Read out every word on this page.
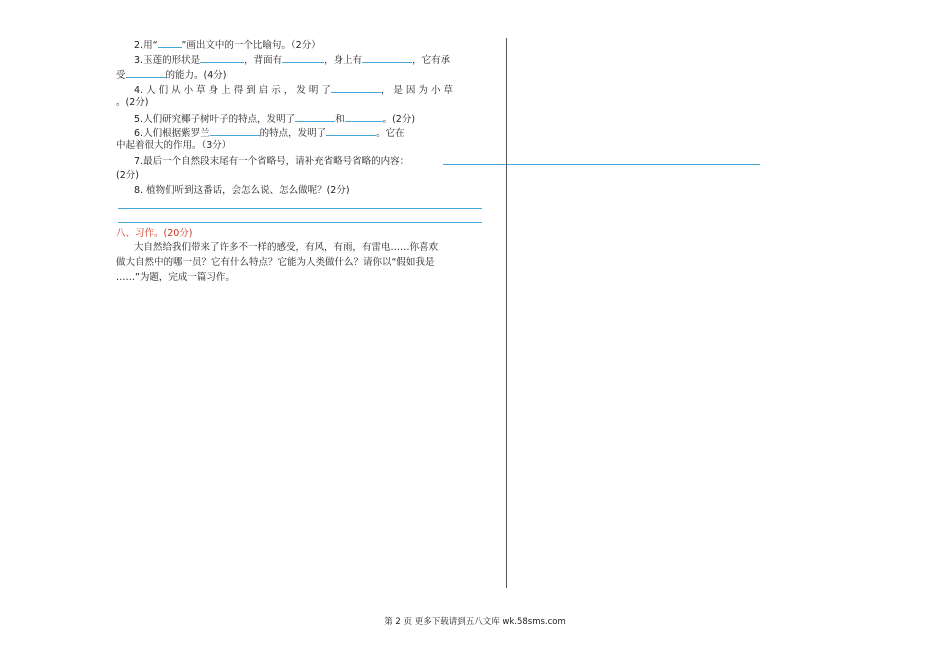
2.用“	”画出文中的一个比喻句。（2分）
3.玉莲的形状是	，背面有	，身上有	，它有承
受	的能力。(4分)
4. 人 们 从 小 草 身 上 得 到 启 示 ， 发 明 了	， 是 因 为 小 草
。(2分)
5.人们研究椰子树叶子的特点，发明了	和	。(2分)
6.人们根据紫罗兰	的特点，发明了	。它在
中起着很大的作用。（3分）
7.最后一个自然段末尾有一个省略号，请补充省略号省略的内容：
(2分)
8. 植物们听到这番话，会怎么说、怎么做呢？(2分)
八、习作。(20分)
大自然给我们带来了许多不一样的感受，有风，有雨，有雷电……你喜欢
做大自然中的哪一员？它有什么特点？它能为人类做什么？请你以“假如我是
……”为题，完成一篇习作。
第 2 页 更多下载请到五八文库 wk.58sms.com
